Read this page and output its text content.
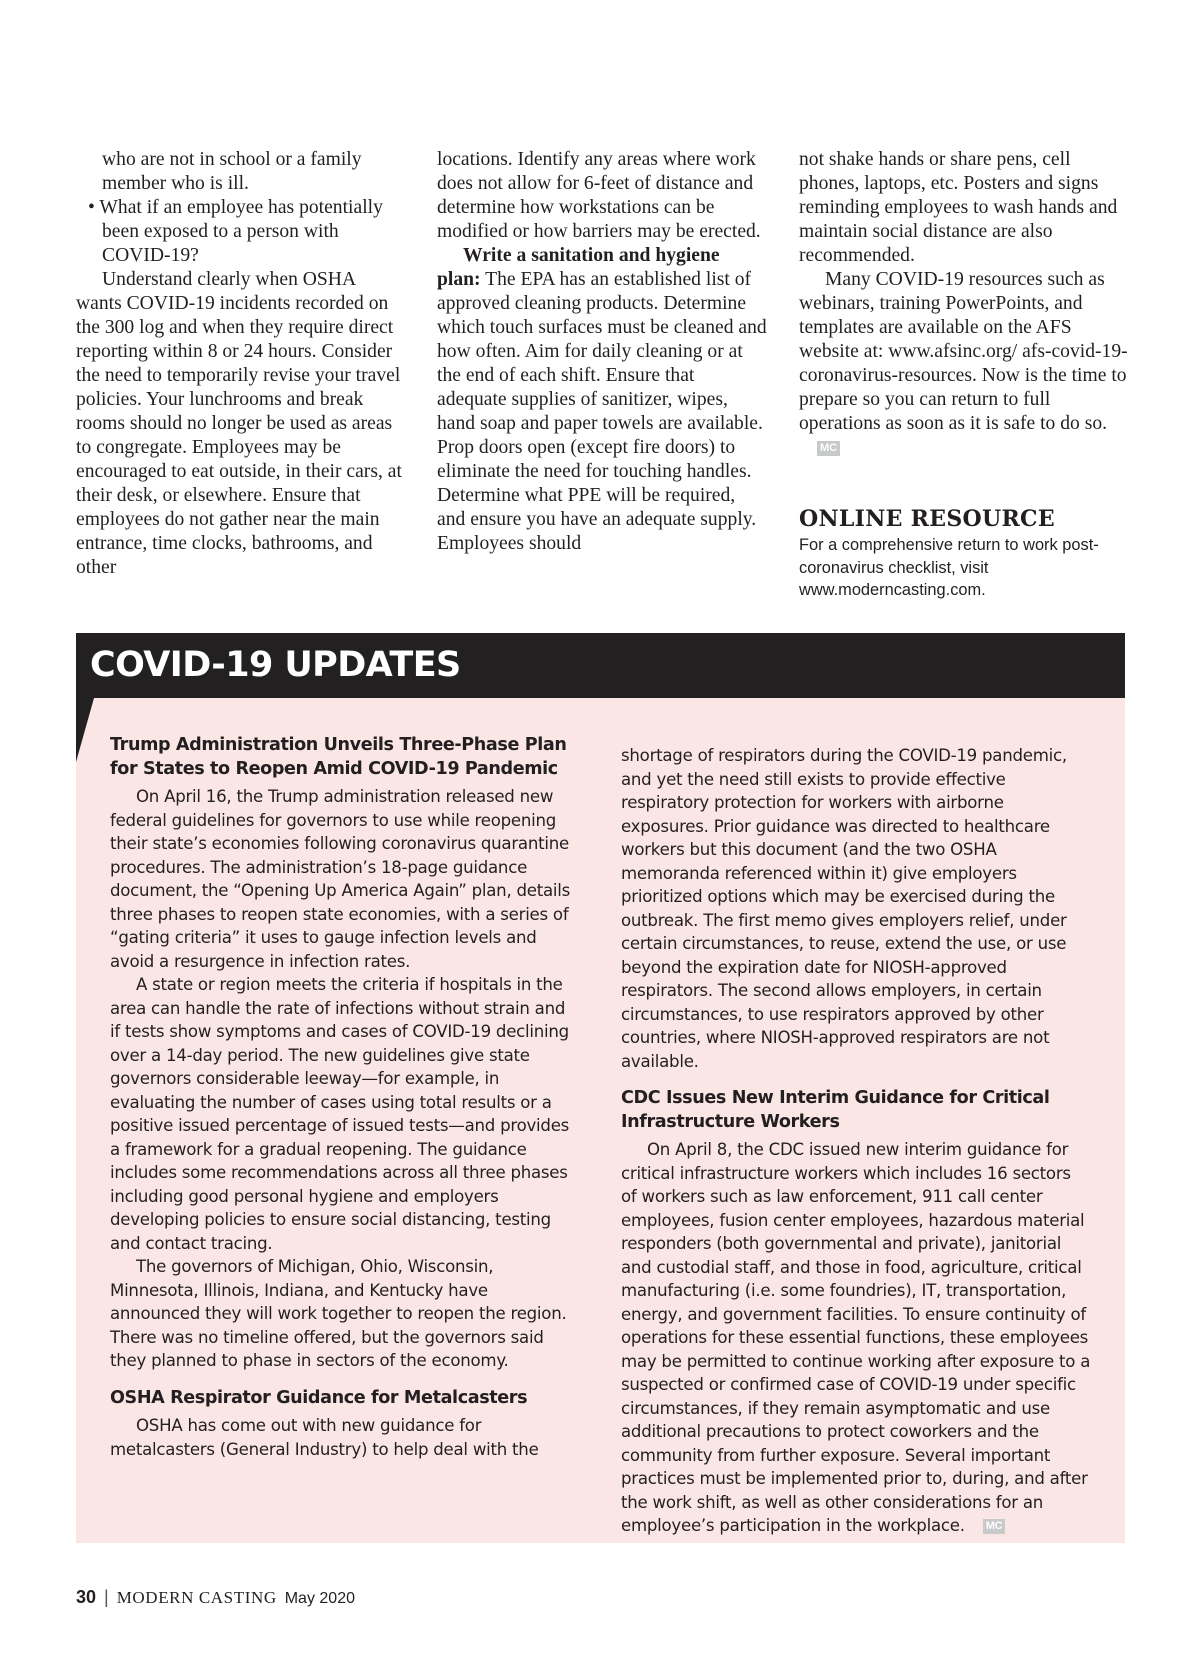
who are not in school or a family member who is ill.

• What if an employee has potentially been exposed to a person with COVID-19?

Understand clearly when OSHA wants COVID-19 incidents recorded on the 300 log and when they require direct reporting within 8 or 24 hours. Consider the need to temporarily revise your travel policies. Your lunchrooms and break rooms should no longer be used as areas to congregate. Employees may be encouraged to eat outside, in their cars, at their desk, or elsewhere. Ensure that employees do not gather near the main entrance, time clocks, bathrooms, and other

locations. Identify any areas where work does not allow for 6-feet of distance and determine how workstations can be modified or how barriers may be erected.

Write a sanitation and hygiene plan: The EPA has an established list of approved cleaning products. Determine which touch surfaces must be cleaned and how often. Aim for daily cleaning or at the end of each shift. Ensure that adequate supplies of sanitizer, wipes, hand soap and paper towels are available. Prop doors open (except fire doors) to eliminate the need for touching handles. Determine what PPE will be required, and ensure you have an adequate supply. Employees should

not shake hands or share pens, cell phones, laptops, etc. Posters and signs reminding employees to wash hands and maintain social distance are also recommended.

Many COVID-19 resources such as webinars, training PowerPoints, and templates are available on the AFS website at: www.afsinc.org/ afs-covid-19-coronavirus-resources. Now is the time to prepare so you can return to full operations as soon as it is safe to do so.MC

ONLINE RESOURCE

For a comprehensive return to work post-coronavirus checklist, visit www.moderncasting.com.

COVID-19 UPDATES
Trump Administration Unveils Three-Phase Plan for States to Reopen Amid COVID-19 Pandemic

On April 16, the Trump administration released new federal guidelines for governors to use while reopening their state’s economies following coronavirus quarantine procedures. The administration’s 18-page guidance document, the “Opening Up America Again” plan, details three phases to reopen state economies, with a series of “gating criteria” it uses to gauge infection levels and avoid a resurgence in infection rates.

A state or region meets the criteria if hospitals in the area can handle the rate of infections without strain and if tests show symptoms and cases of COVID-19 declining over a 14-day period. The new guidelines give state governors considerable leeway—for example, in evaluating the number of cases using total results or a positive issued percentage of issued tests—and provides a framework for a gradual reopening. The guidance includes some recommendations across all three phases including good personal hygiene and employers developing policies to ensure social distancing, testing and contact tracing.

The governors of Michigan, Ohio, Wisconsin, Minnesota, Illinois, Indiana, and Kentucky have announced they will work together to reopen the region. There was no timeline offered, but the governors said they planned to phase in sectors of the economy.

OSHA Respirator Guidance for Metalcasters

OSHA has come out with new guidance for metalcasters (General Industry) to help deal with the

shortage of respirators during the COVID-19 pandemic, and yet the need still exists to provide effective respiratory protection for workers with airborne exposures. Prior guidance was directed to healthcare workers but this document (and the two OSHA memoranda referenced within it) give employers prioritized options which may be exercised during the outbreak. The first memo gives employers relief, under certain circumstances, to reuse, extend the use, or use beyond the expiration date for NIOSH-approved respirators. The second allows employers, in certain circumstances, to use respirators approved by other countries, where NIOSH-approved respirators are not available.

CDC Issues New Interim Guidance for Critical Infrastructure Workers

On April 8, the CDC issued new interim guidance for critical infrastructure workers which includes 16 sectors of workers such as law enforcement, 911 call center employees, fusion center employees, hazardous material responders (both governmental and private), janitorial and custodial staff, and those in food, agriculture, critical manufacturing (i.e. some foundries), IT, transportation, energy, and government facilities. To ensure continuity of operations for these essential functions, these employees may be permitted to continue working after exposure to a suspected or confirmed case of COVID-19 under specific circumstances, if they remain asymptomatic and use additional precautions to protect coworkers and the community from further exposure. Several important practices must be implemented prior to, during, and after the work shift, as well as other considerations for an employee’s participation in the workplace. MC

30 | MODERN CASTING May 2020
